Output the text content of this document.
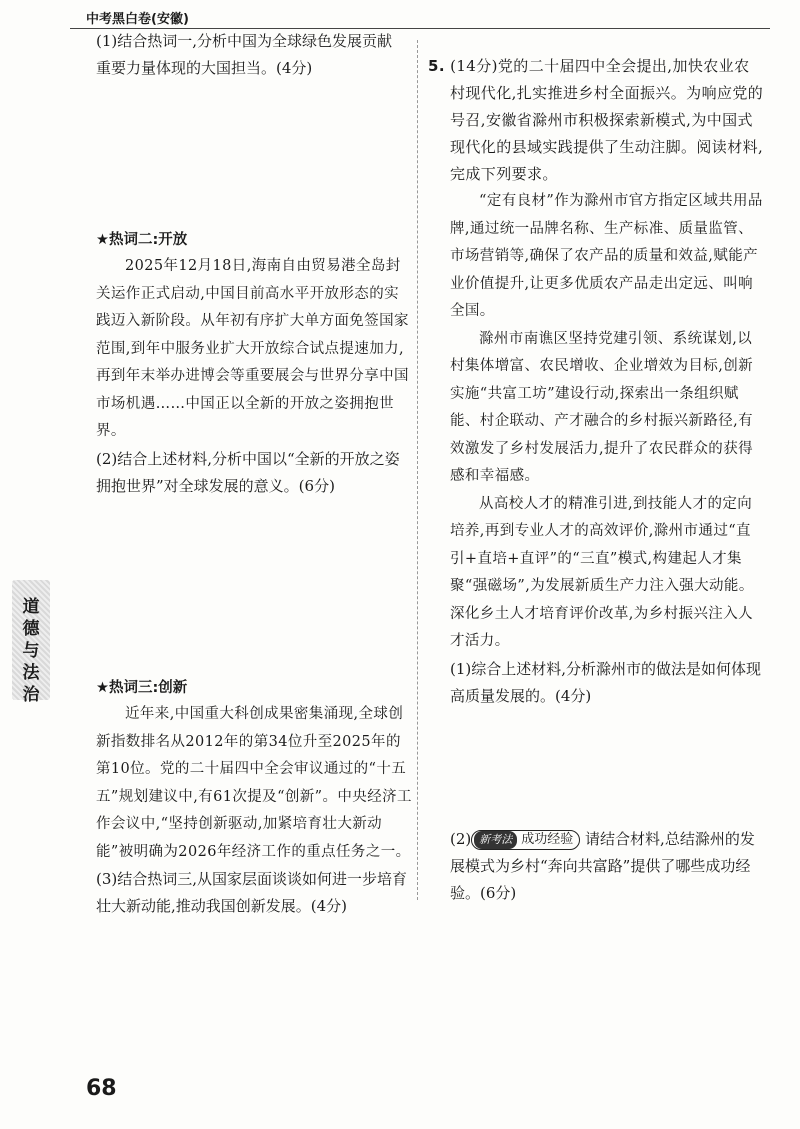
中考黑白卷(安徽)
道德与法治

(1)结合热词一,分析中国为全球绿色发展贡献重要力量体现的大国担当。(4分)

★热词二:开放

2025年12月18日,海南自由贸易港全岛封关运作正式启动,中国目前高水平开放形态的实践迈入新阶段。从年初有序扩大单方面免签国家范围,到年中服务业扩大开放综合试点提速加力,再到年末举办进博会等重要展会与世界分享中国市场机遇……中国正以全新的开放之姿拥抱世界。

(2)结合上述材料,分析中国以“全新的开放之姿拥抱世界”对全球发展的意义。(6分)

★热词三:创新

近年来,中国重大科创成果密集涌现,全球创新指数排名从2012年的第34位升至2025年的第10位。党的二十届四中全会审议通过的“十五五”规划建议中,有61次提及“创新”。中央经济工作会议中,“坚持创新驱动,加紧培育壮大新动能”被明确为2026年经济工作的重点任务之一。

(3)结合热词三,从国家层面谈谈如何进一步培育壮大新动能,推动我国创新发展。(4分)

5. (14分)党的二十届四中全会提出,加快农业农村现代化,扎实推进乡村全面振兴。为响应党的号召,安徽省滁州市积极探索新模式,为中国式现代化的县域实践提供了生动注脚。阅读材料,完成下列要求。

“定有良材”作为滁州市官方指定区域共用品牌,通过统一品牌名称、生产标准、质量监管、市场营销等,确保了农产品的质量和效益,赋能产业价值提升,让更多优质农产品走出定远、叫响全国。

滁州市南谯区坚持党建引领、系统谋划,以村集体增富、农民增收、企业增效为目标,创新实施“共富工坊”建设行动,探索出一条组织赋能、村企联动、产才融合的乡村振兴新路径,有效激发了乡村发展活力,提升了农民群众的获得感和幸福感。

从高校人才的精准引进,到技能人才的定向培养,再到专业人才的高效评价,滁州市通过“直引+直培+直评”的“三直”模式,构建起人才集聚“强磁场”,为发展新质生产力注入强大动能。深化乡土人才培育评价改革,为乡村振兴注入人才活力。

(1)综合上述材料,分析滁州市的做法是如何体现高质量发展的。(4分)

(2) 新考法 成功经验 请结合材料,总结滁州的发展模式为乡村“奔向共富路”提供了哪些成功经验。(6分)

68
